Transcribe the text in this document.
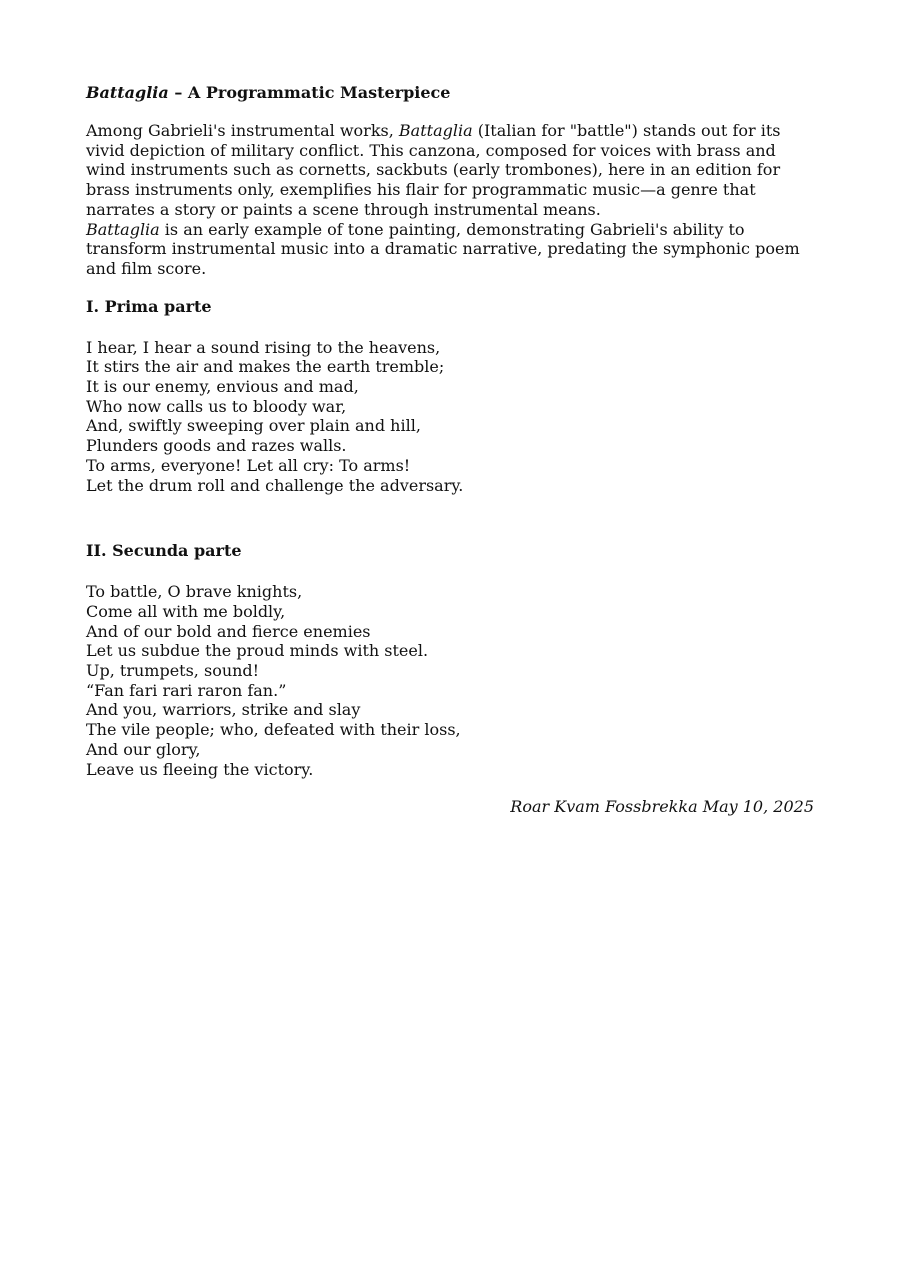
Battaglia – A Programmatic Masterpiece

Among Gabrieli's instrumental works, Battaglia (Italian for "battle") stands out for its vivid depiction of military conflict. This canzona, composed for voices with brass and wind instruments such as cornetts, sackbuts (early trombones), here in an edition for brass instruments only, exemplifies his flair for programmatic music—a genre that narrates a story or paints a scene through instrumental means.

Battaglia is an early example of tone painting, demonstrating Gabrieli's ability to transform instrumental music into a dramatic narrative, predating the symphonic poem and film score.

I. Prima parte
I hear, I hear a sound rising to the heavens,
It stirs the air and makes the earth tremble;
It is our enemy, envious and mad,
Who now calls us to bloody war,
And, swiftly sweeping over plain and hill,
Plunders goods and razes walls.
To arms, everyone! Let all cry: To arms!
Let the drum roll and challenge the adversary.
II. Secunda parte
To battle, O brave knights,
Come all with me boldly,
And of our bold and fierce enemies
Let us subdue the proud minds with steel.
Up, trumpets, sound!
“Fan fari rari raron fan.”
And you, warriors, strike and slay
The vile people; who, defeated with their loss,
And our glory,
Leave us fleeing the victory.
Roar Kvam Fossbrekka May 10, 2025
